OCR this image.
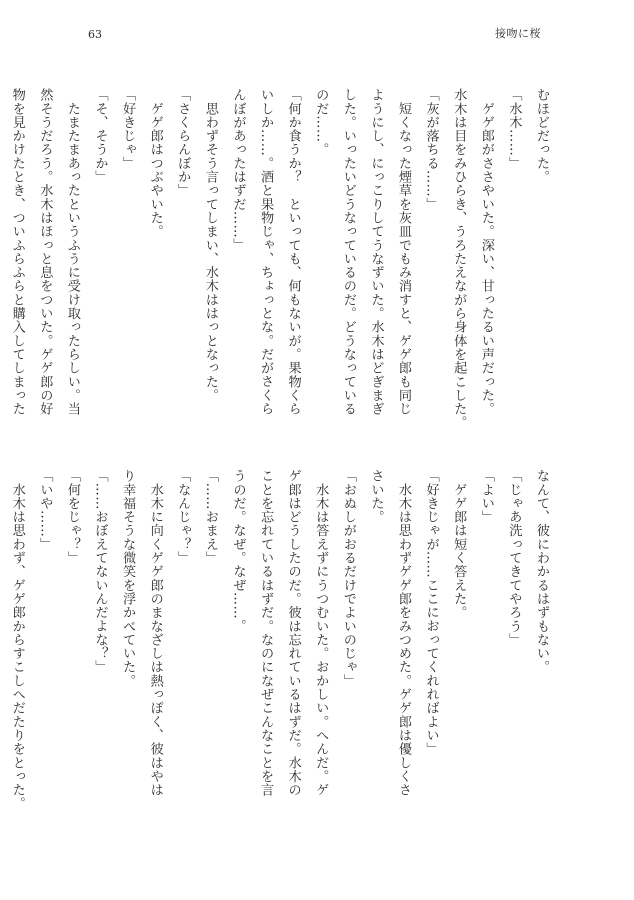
63	接吻に桜

むほどだった。

「水木……」

　ゲゲ郎がささやいた。深い、甘ったるい声だった。

水木は目をみひらき、うろたえながら身体を起こした。

「灰が落ちる……」

　短くなった煙草を灰皿でもみ消すと、ゲゲ郎も同じ

ようにし、にっこりしてうなずいた。水木はどぎまぎ

した。いったいどうなっているのだ。どうなっている

のだ……。

「何か食うか？　といっても、何もないが。果物くら

いしか……。酒と果物じゃ、ちょっとな。だがさくら

んぼがあったはずだ……」

　思わずそう言ってしまい、水木ははっとなった。

「さくらんぼか」

　ゲゲ郎はつぶやいた。

「好きじゃ」

「そ、そうか」

　たまたまあったというふうに受け取ったらしい。当

然そうだろう。水木はほっと息をついた。ゲゲ郎の好

物を見かけたとき、ついふらふらと購入してしまった

なんて、彼にわかるはずもない。

「じゃあ洗ってきてやろう」

「よい」

　ゲゲ郎は短く答えた。

「好きじゃが……ここにおってくれればよい」

　水木は思わずゲゲ郎をみつめた。ゲゲ郎は優しくさ

さいた。

「おぬしがおるだけでよいのじゃ」

　水木は答えずにうつむいた。おかしい。へんだ。ゲ

ゲ郎はどうしたのだ。彼は忘れているはずだ。水木の

ことを忘れているはずだ。なのになぜこんなことを言

うのだ。なぜ。なぜ……。

「……おまえ」

「なんじゃ？」

　水木に向くゲゲ郎のまなざしは熱っぽく、彼はやは

り幸福そうな微笑を浮かべていた。

「……おぼえてないんだよな？」

「何をじゃ？」

「いや……」

　水木は思わず、ゲゲ郎からすこしへだたりをとった。
